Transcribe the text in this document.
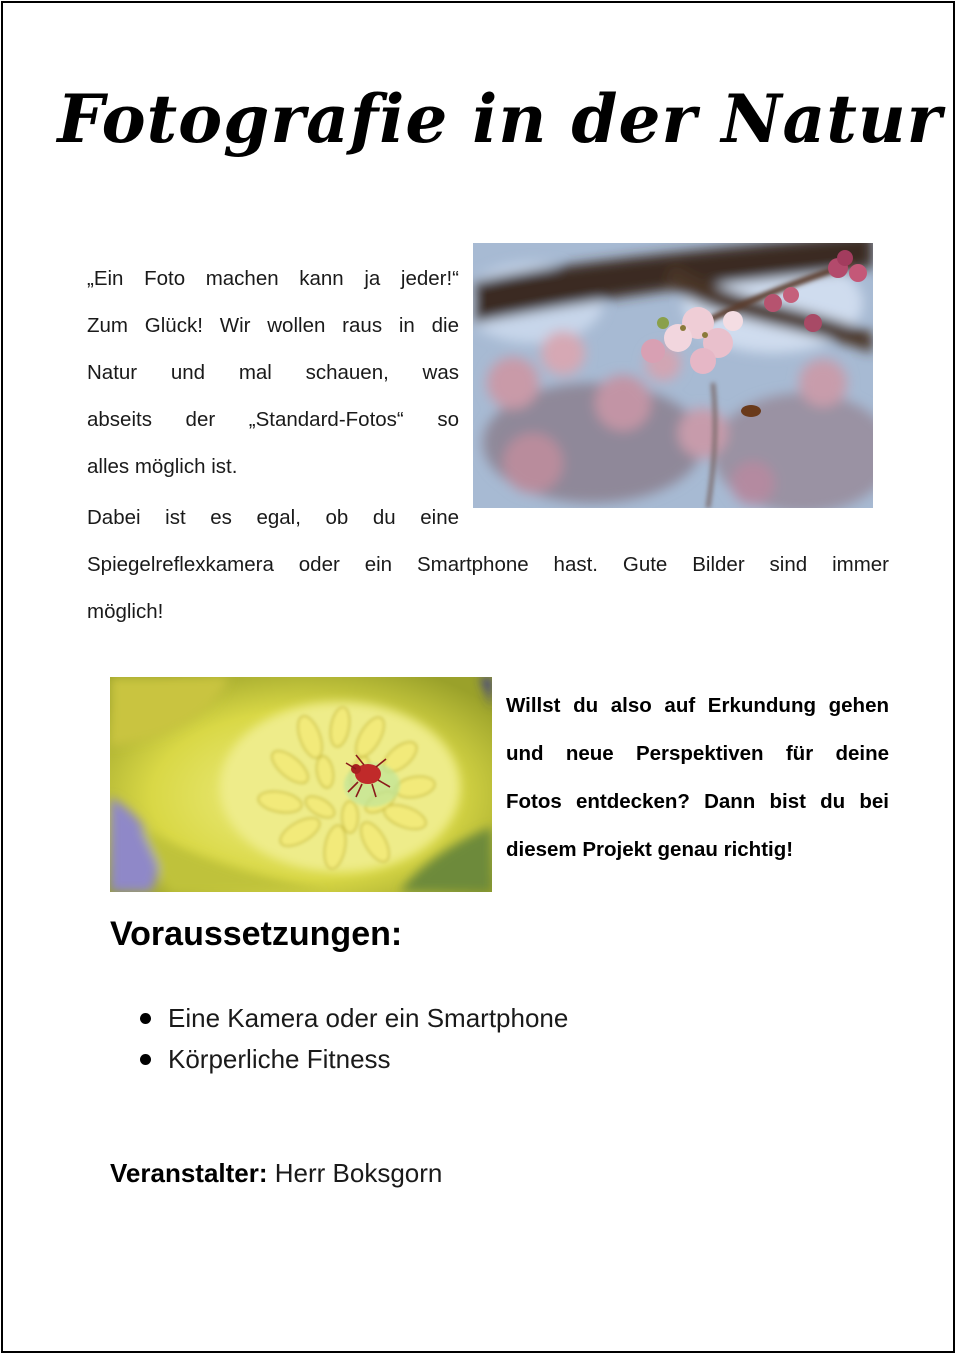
Fotografie in der Natur
„Ein Foto machen kann ja jeder!“
Zum Glück! Wir wollen raus in die
Natur und mal schauen, was
abseits der „Standard-Fotos“ so
alles möglich ist.
Dabei ist es egal, ob du eine
Spiegelreflexkamera oder ein Smartphone hast. Gute Bilder sind immer
möglich!
Willst du also auf Erkundung gehen
und neue Perspektiven für deine
Fotos entdecken? Dann bist du bei
diesem Projekt genau richtig!
Voraussetzungen:
Eine Kamera oder ein Smartphone
Körperliche Fitness
Veranstalter: Herr Boksgorn
